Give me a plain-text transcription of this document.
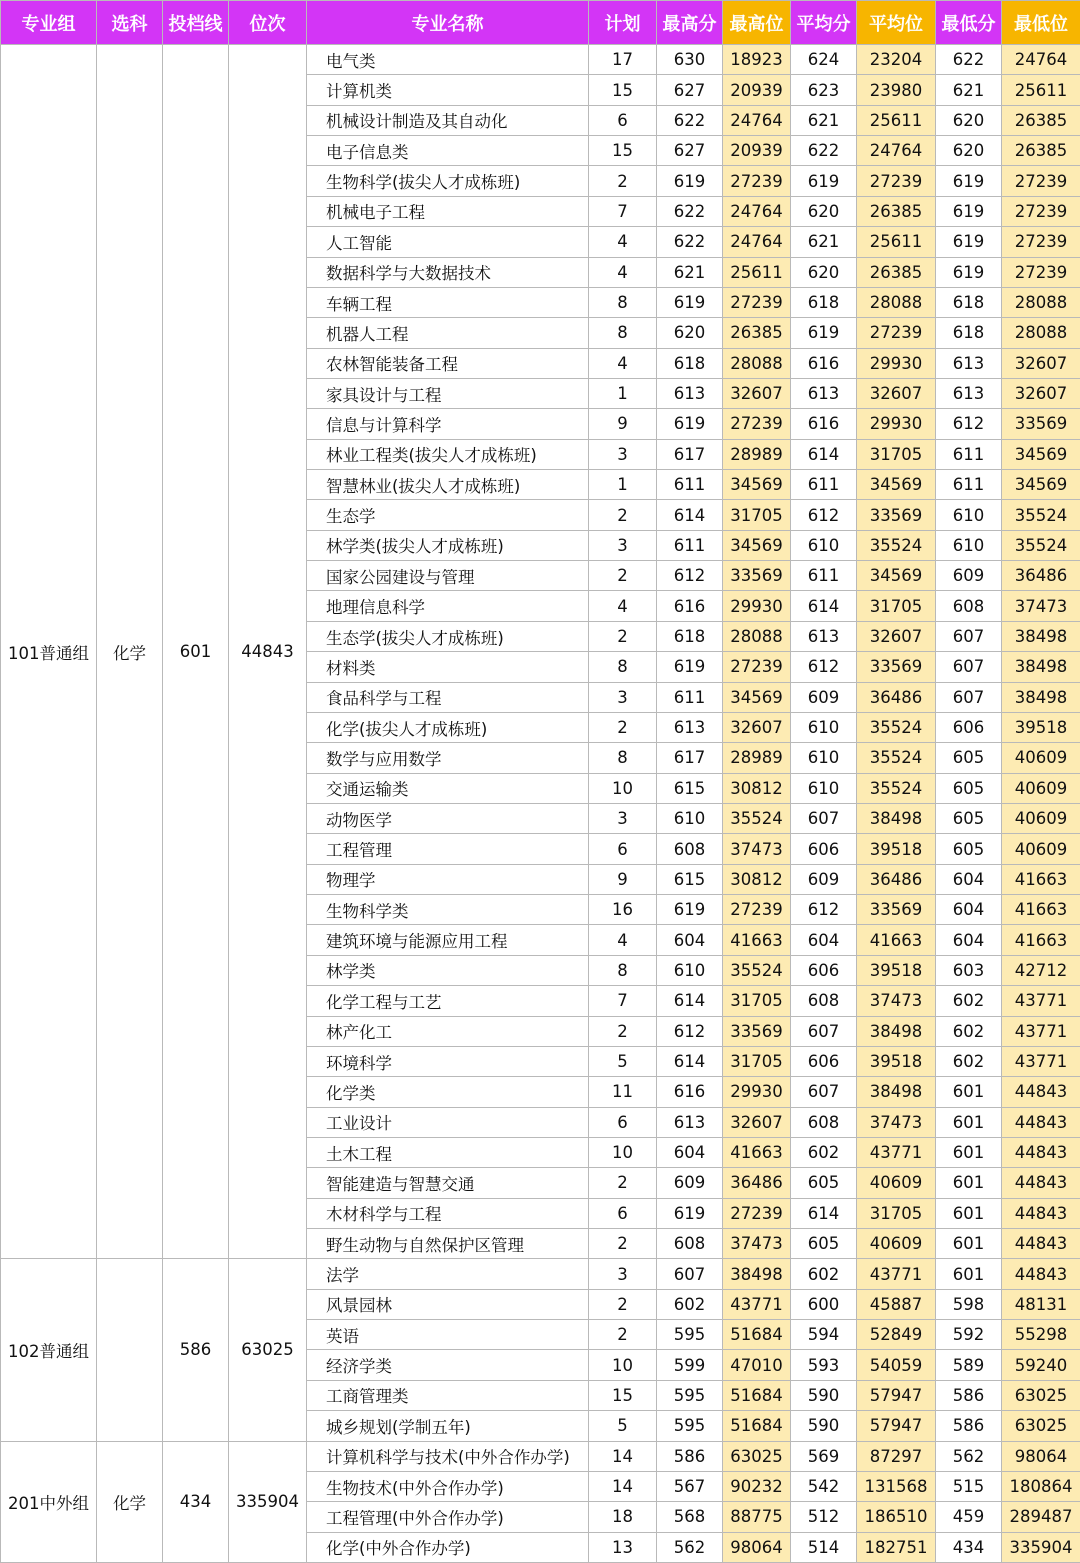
专业组	选科	投档线	位次	专业名称	计划	最高分	最高位	平均分	平均位	最低分	最低位
101普通组	化学	601	44843	电气类	17	630	18923	624	23204	622	24764
				计算机类	15	627	20939	623	23980	621	25611
				机械设计制造及其自动化	6	622	24764	621	25611	620	26385
				电子信息类	15	627	20939	622	24764	620	26385
				生物科学(拔尖人才成栋班)	2	619	27239	619	27239	619	27239
				机械电子工程	7	622	24764	620	26385	619	27239
				人工智能	4	622	24764	621	25611	619	27239
				数据科学与大数据技术	4	621	25611	620	26385	619	27239
				车辆工程	8	619	27239	618	28088	618	28088
				机器人工程	8	620	26385	619	27239	618	28088
				农林智能装备工程	4	618	28088	616	29930	613	32607
				家具设计与工程	1	613	32607	613	32607	613	32607
				信息与计算科学	9	619	27239	616	29930	612	33569
				林业工程类(拔尖人才成栋班)	3	617	28989	614	31705	611	34569
				智慧林业(拔尖人才成栋班)	1	611	34569	611	34569	611	34569
				生态学	2	614	31705	612	33569	610	35524
				林学类(拔尖人才成栋班)	3	611	34569	610	35524	610	35524
				国家公园建设与管理	2	612	33569	611	34569	609	36486
				地理信息科学	4	616	29930	614	31705	608	37473
				生态学(拔尖人才成栋班)	2	618	28088	613	32607	607	38498
				材料类	8	619	27239	612	33569	607	38498
				食品科学与工程	3	611	34569	609	36486	607	38498
				化学(拔尖人才成栋班)	2	613	32607	610	35524	606	39518
				数学与应用数学	8	617	28989	610	35524	605	40609
				交通运输类	10	615	30812	610	35524	605	40609
				动物医学	3	610	35524	607	38498	605	40609
				工程管理	6	608	37473	606	39518	605	40609
				物理学	9	615	30812	609	36486	604	41663
				生物科学类	16	619	27239	612	33569	604	41663
				建筑环境与能源应用工程	4	604	41663	604	41663	604	41663
				林学类	8	610	35524	606	39518	603	42712
				化学工程与工艺	7	614	31705	608	37473	602	43771
				林产化工	2	612	33569	607	38498	602	43771
				环境科学	5	614	31705	606	39518	602	43771
				化学类	11	616	29930	607	38498	601	44843
				工业设计	6	613	32607	608	37473	601	44843
				土木工程	10	604	41663	602	43771	601	44843
				智能建造与智慧交通	2	609	36486	605	40609	601	44843
				木材科学与工程	6	619	27239	614	31705	601	44843
				野生动物与自然保护区管理	2	608	37473	605	40609	601	44843
102普通组		586	63025	法学	3	607	38498	602	43771	601	44843
				风景园林	2	602	43771	600	45887	598	48131
				英语	2	595	51684	594	52849	592	55298
				经济学类	10	599	47010	593	54059	589	59240
				工商管理类	15	595	51684	590	57947	586	63025
				城乡规划(学制五年)	5	595	51684	590	57947	586	63025
201中外组	化学	434	335904	计算机科学与技术(中外合作办学)	14	586	63025	569	87297	562	98064
				生物技术(中外合作办学)	14	567	90232	542	131568	515	180864
				工程管理(中外合作办学)	18	568	88775	512	186510	459	289487
				化学(中外合作办学)	13	562	98064	514	182751	434	335904
